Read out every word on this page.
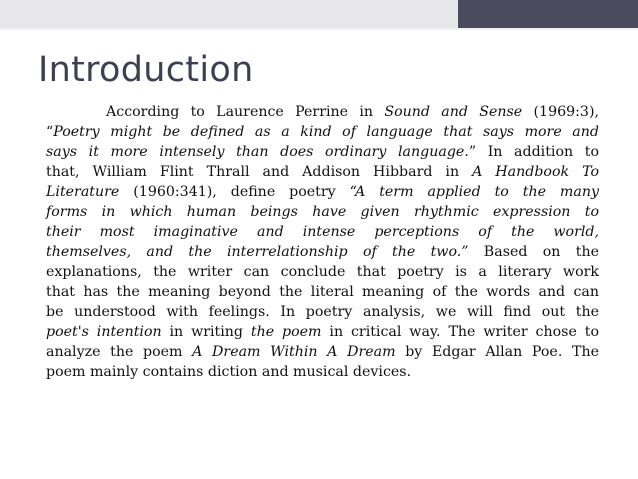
Introduction
According to Laurence Perrine in Sound and Sense (1969:3),
“Poetry might be defined as a kind of language that says more and
says it more intensely than does ordinary language.” In addition to
that, William Flint Thrall and Addison Hibbard in A Handbook To
Literature (1960:341), define poetry “A term applied to the many
forms in which human beings have given rhythmic expression to
their most imaginative and intense perceptions of the world,
themselves, and the interrelationship of the two.” Based on the
explanations, the writer can conclude that poetry is a literary work
that has the meaning beyond the literal meaning of the words and can
be understood with feelings. In poetry analysis, we will find out the
poet's intention in writing the poem in critical way. The writer chose to
analyze the poem A Dream Within A Dream by Edgar Allan Poe. The
poem mainly contains diction and musical devices.
